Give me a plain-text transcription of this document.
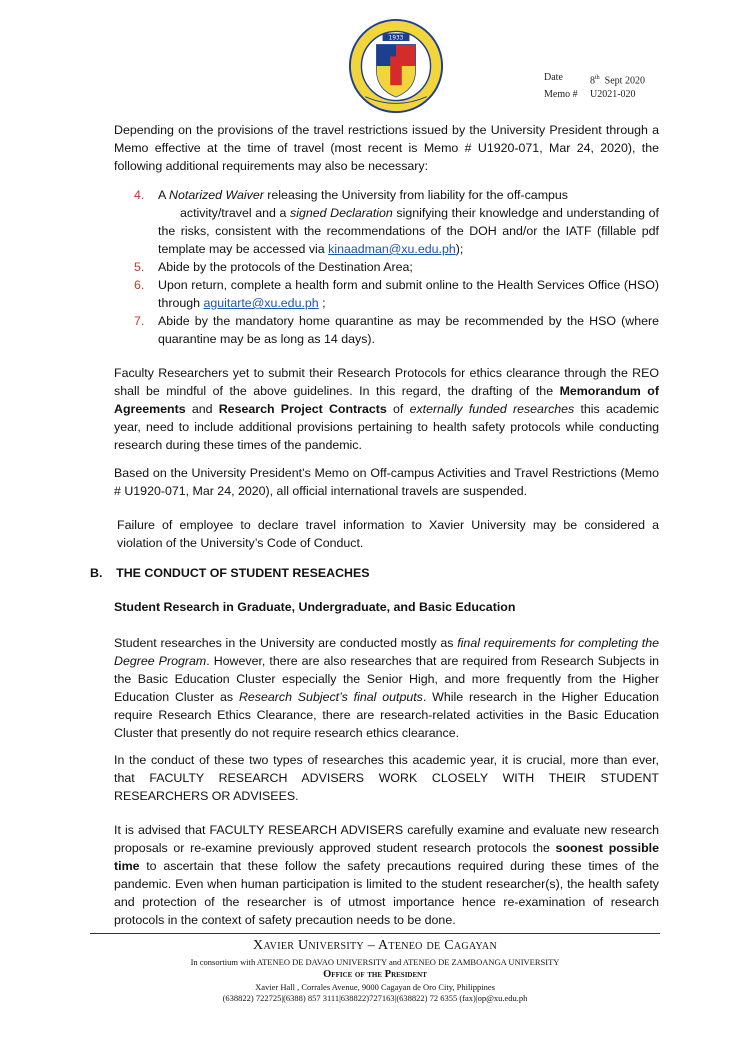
1933
Date	8th Sept 2020
Memo #	U2021-020
Depending on the provisions of the travel restrictions issued by the University President through a Memo effective at the time of travel (most recent is Memo # U1920-071, Mar 24, 2020), the following additional requirements may also be necessary:
4.	A Notarized Waiver releasing the University from liability for the off-campus
activity/travel and a signed Declaration signifying their knowledge and understanding of the risks, consistent with the recommendations of the DOH and/or the IATF (fillable pdf template may be accessed via kinaadman@xu.edu.ph);
5.	Abide by the protocols of the Destination Area;
6.	Upon return, complete a health form and submit online to the Health Services Office (HSO) through aguitarte@xu.edu.ph ;
7.	Abide by the mandatory home quarantine as may be recommended by the HSO (where quarantine may be as long as 14 days).
Faculty Researchers yet to submit their Research Protocols for ethics clearance through the REO shall be mindful of the above guidelines. In this regard, the drafting of the Memorandum of Agreements and Research Project Contracts of externally funded researches this academic year, need to include additional provisions pertaining to health safety protocols while conducting research during these times of the pandemic.
Based on the University President’s Memo on Off-campus Activities and Travel Restrictions (Memo # U1920-071, Mar 24, 2020), all official international travels are suspended.
Failure of employee to declare travel information to Xavier University may be considered a violation of the University’s Code of Conduct.
B.    THE CONDUCT OF STUDENT RESEACHES
Student Research in Graduate, Undergraduate, and Basic Education
Student researches in the University are conducted mostly as final requirements for completing the Degree Program. However, there are also researches that are required from Research Subjects in the Basic Education Cluster especially the Senior High, and more frequently from the Higher Education Cluster as Research Subject’s final outputs. While research in the Higher Education require Research Ethics Clearance, there are research-related activities in the Basic Education Cluster that presently do not require research ethics clearance.
In the conduct of these two types of researches this academic year, it is crucial, more than ever, that FACULTY RESEARCH ADVISERS WORK CLOSELY WITH THEIR STUDENT RESEARCHERS OR ADVISEES.
It is advised that FACULTY RESEARCH ADVISERS carefully examine and evaluate new research proposals or re-examine previously approved student research protocols the soonest possible time to ascertain that these follow the safety precautions required during these times of the pandemic. Even when human participation is limited to the student researcher(s), the health safety and protection of the researcher is of utmost importance hence re-examination of research protocols in the context of safety precaution needs to be done.
Xavier University – Ateneo de Cagayan
In consortium with ATENEO DE DAVAO UNIVERSITY and ATENEO DE ZAMBOANGA UNIVERSITY
Office of the President
Xavier Hall , Corrales Avenue, 9000 Cagayan de Oro City, Philippines
(638822) 722725|(6388) 857 3111|638822)727163|(638822) 72 6355 (fax)|op@xu.edu.ph
